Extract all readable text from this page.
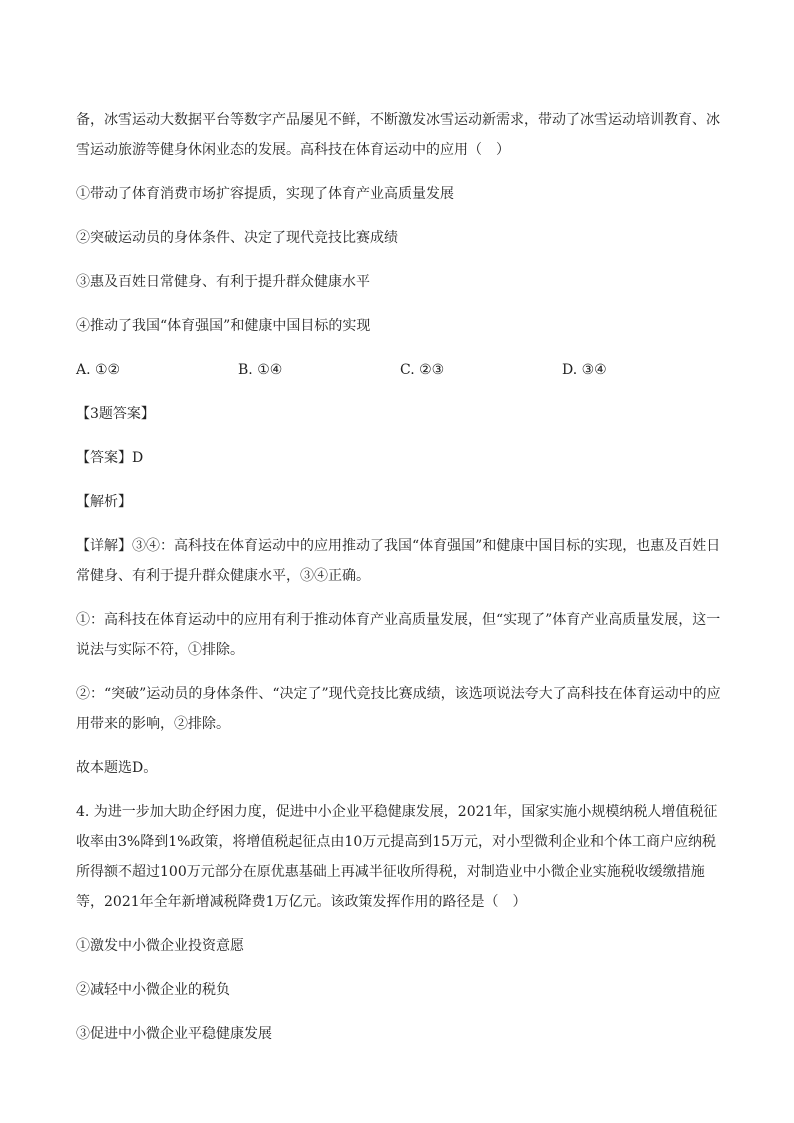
备，冰雪运动大数据平台等数字产品屡见不鲜，不断激发冰雪运动新需求，带动了冰雪运动培训教育、冰雪运动旅游等健身休闲业态的发展。高科技在体育运动中的应用（　）

①带动了体育消费市场扩容提质，实现了体育产业高质量发展

②突破运动员的身体条件、决定了现代竞技比赛成绩

③惠及百姓日常健身、有利于提升群众健康水平

④推动了我国“体育强国”和健康中国目标的实现

A. ①②	B. ①④	C. ②③	D. ③④

【3题答案】

【答案】D

【解析】

【详解】③④：高科技在体育运动中的应用推动了我国“体育强国”和健康中国目标的实现，也惠及百姓日常健身、有利于提升群众健康水平，③④正确。

①：高科技在体育运动中的应用有利于推动体育产业高质量发展，但“实现了”体育产业高质量发展，这一说法与实际不符，①排除。

②：“突破”运动员的身体条件、“决定了”现代竞技比赛成绩，该选项说法夸大了高科技在体育运动中的应用带来的影响，②排除。

故本题选D。

4. 为进一步加大助企纾困力度，促进中小企业平稳健康发展，2021年，国家实施小规模纳税人增值税征收率由3%降到1%政策，将增值税起征点由10万元提高到15万元，对小型微利企业和个体工商户应纳税所得额不超过100万元部分在原优惠基础上再减半征收所得税，对制造业中小微企业实施税收缓缴措施等，2021年全年新增减税降费1万亿元。该政策发挥作用的路径是（　）

①激发中小微企业投资意愿

②减轻中小微企业的税负

③促进中小微企业平稳健康发展
